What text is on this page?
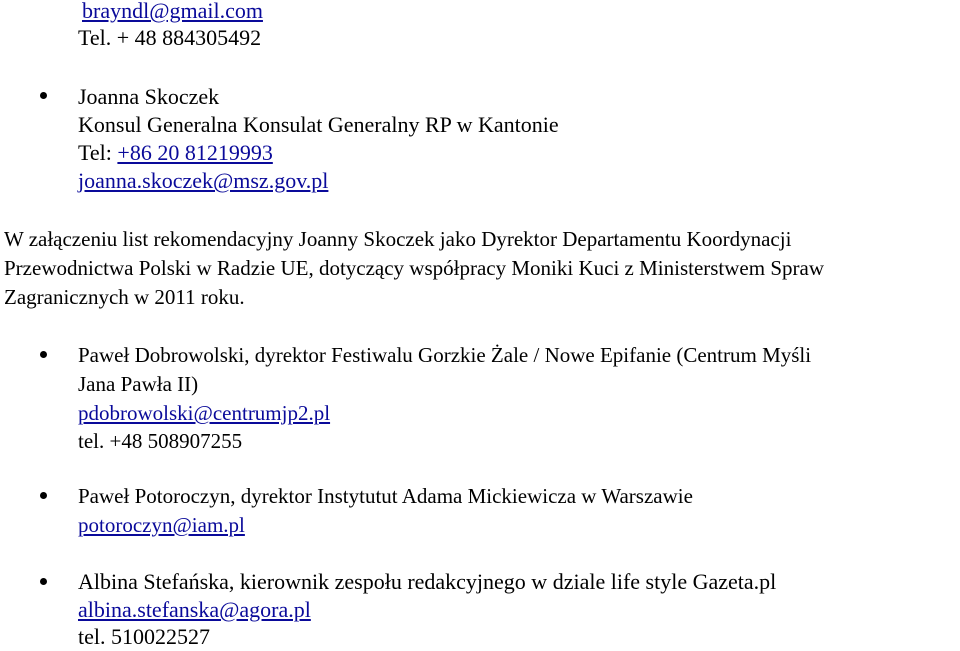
brayndl@gmail.com
Tel. + 48 884305492
Joanna Skoczek
Konsul Generalna Konsulat Generalny RP w Kantonie
Tel: +86 20 81219993
joanna.skoczek@msz.gov.pl
W załączeniu list rekomendacyjny Joanny Skoczek jako Dyrektor Departamentu Koordynacji
Przewodnictwa Polski w Radzie UE, dotyczący współpracy Moniki Kuci z Ministerstwem Spraw
Zagranicznych w 2011 roku.
Paweł Dobrowolski, dyrektor Festiwalu Gorzkie Żale / Nowe Epifanie (Centrum Myśli
Jana Pawła II)
pdobrowolski@centrumjp2.pl
tel. +48 508907255
Paweł Potoroczyn, dyrektor Instytutut Adama Mickiewicza w Warszawie
potoroczyn@iam.pl
Albina Stefańska, kierownik zespołu redakcyjnego w dziale life style Gazeta.pl
albina.stefanska@agora.pl
tel. 510022527
